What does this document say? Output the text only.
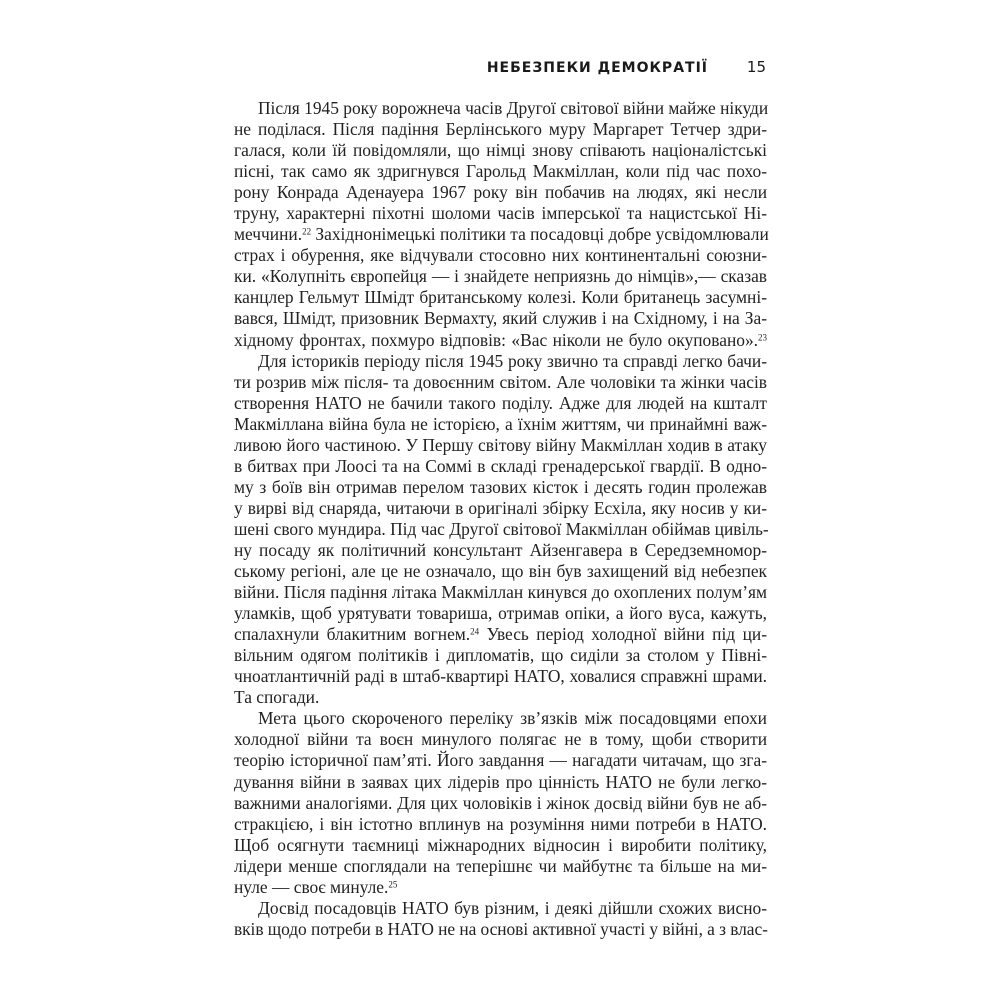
НЕБЕЗПЕКИ ДЕМОКРАТІЇ	15
Після 1945 року ворожнеча часів Другої світової війни майже нікуди
не поділася. Після падіння Берлінського муру Маргарет Тетчер здри-
галася, коли їй повідомляли, що німці знову співають націоналістські
пісні, так само як здригнувся Гарольд Макміллан, коли під час похо-
рону Конрада Аденауера 1967 року він побачив на людях, які несли
труну, характерні піхотні шоломи часів імперської та нацистської Ні-
меччини.$^{22}$ Західнонімецькі політики та посадовці добре усвідомлювали
страх і обурення, яке відчували стосовно них континентальні союзни-
ки. «Колупніть європейця — і знайдете неприязнь до німців»,— сказав
канцлер Гельмут Шмідт британському колезі. Коли британець засумні-
вався, Шмідт, призовник Вермахту, який служив і на Східному, і на За-
хідному фронтах, похмуро відповів: «Вас ніколи не було окуповано».$^{23}$
Для істориків періоду після 1945 року звично та справді легко бачи-
ти розрив між після- та довоєнним світом. Але чоловіки та жінки часів
створення НАТО не бачили такого поділу. Адже для людей на кшталт
Макміллана війна була не історією, а їхнім життям, чи принаймні важ-
ливою його частиною. У Першу світову війну Макміллан ходив в атаку
в битвах при Лоосі та на Соммі в складі гренадерської гвардії. В одно-
му з боїв він отримав перелом тазових кісток і десять годин пролежав
у вирві від снаряда, читаючи в оригіналі збірку Есхіла, яку носив у ки-
шені свого мундира. Під час Другої світової Макміллан обіймав цивіль-
ну посаду як політичний консультант Айзенгавера в Середземномор-
ському регіоні, але це не означало, що він був захищений від небезпек
війни. Після падіння літака Макміллан кинувся до охоплених полум’ям
уламків, щоб урятувати товариша, отримав опіки, а його вуса, кажуть,
спалахнули блакитним вогнем.$^{24}$ Увесь період холодної війни під ци-
вільним одягом політиків і дипломатів, що сиділи за столом у Півні-
чноатлантичній раді в штаб-квартирі НАТО, ховалися справжні шрами.
Та спогади.
Мета цього скороченого переліку зв’язків між посадовцями епохи
холодної війни та воєн минулого полягає не в тому, щоби створити
теорію історичної пам’яті. Його завдання — нагадати читачам, що зга-
дування війни в заявах цих лідерів про цінність НАТО не були легко-
важними аналогіями. Для цих чоловіків і жінок досвід війни був не аб-
стракцією, і він істотно вплинув на розуміння ними потреби в НАТО.
Щоб осягнути таємниці міжнародних відносин і виробити політику,
лідери менше споглядали на теперішнє чи майбутнє та більше на ми-
нуле — своє минуле.$^{25}$
Досвід посадовців НАТО був різним, і деякі дійшли схожих висно-
вків щодо потреби в НАТО не на основі активної участі у війні, а з влас-
